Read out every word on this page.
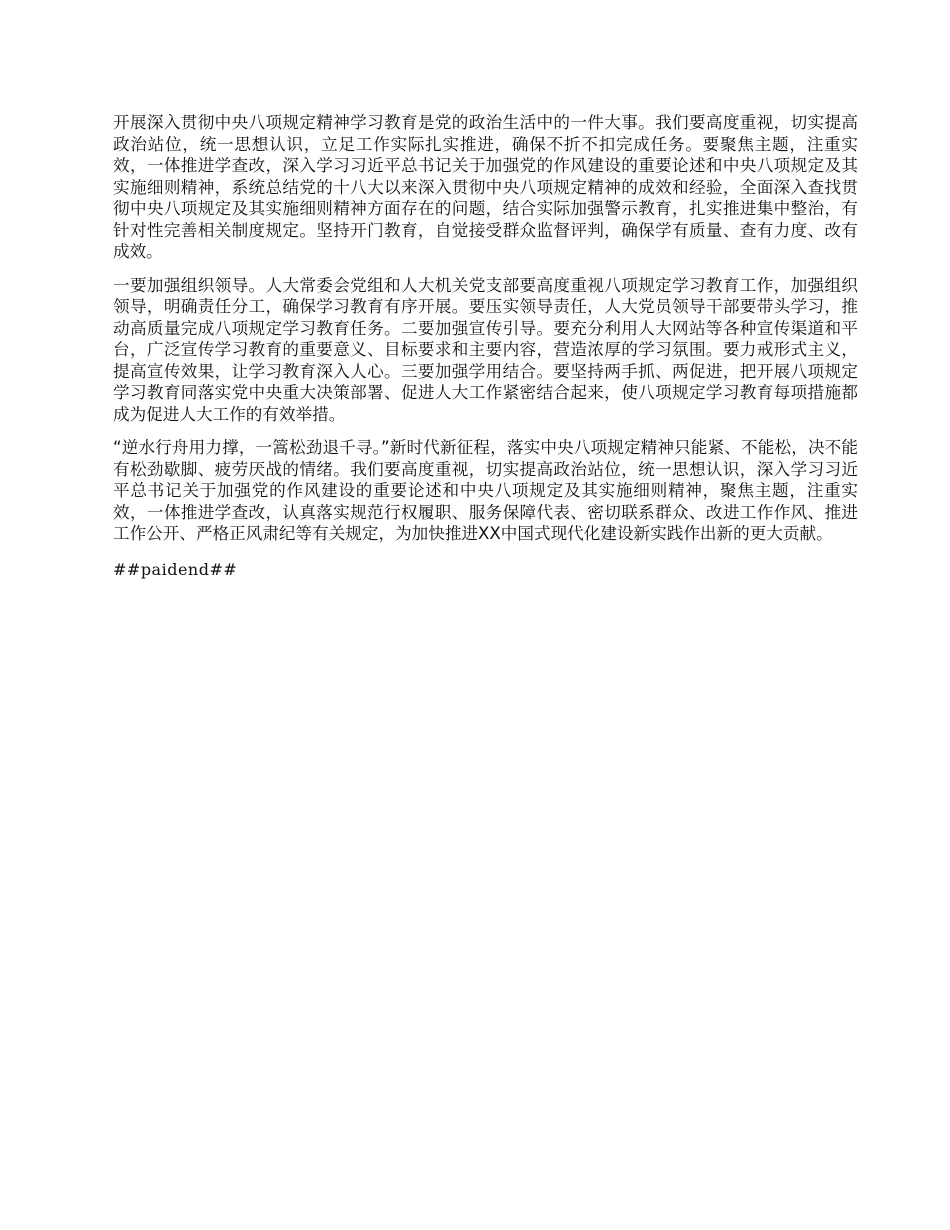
开展深入贯彻中央八项规定精神学习教育是党的政治生活中的一件大事。我们要高度重视，切实提高政治站位，统一思想认识，立足工作实际扎实推进，确保不折不扣完成任务。要聚焦主题，注重实效，一体推进学查改，深入学习习近平总书记关于加强党的作风建设的重要论述和中央八项规定及其实施细则精神，系统总结党的十八大以来深入贯彻中央八项规定精神的成效和经验，全面深入查找贯彻中央八项规定及其实施细则精神方面存在的问题，结合实际加强警示教育，扎实推进集中整治，有针对性完善相关制度规定。坚持开门教育，自觉接受群众监督评判，确保学有质量、查有力度、改有成效。

一要加强组织领导。人大常委会党组和人大机关党支部要高度重视八项规定学习教育工作，加强组织领导，明确责任分工，确保学习教育有序开展。要压实领导责任，人大党员领导干部要带头学习，推动高质量完成八项规定学习教育任务。二要加强宣传引导。要充分利用人大网站等各种宣传渠道和平台，广泛宣传学习教育的重要意义、目标要求和主要内容，营造浓厚的学习氛围。要力戒形式主义，提高宣传效果，让学习教育深入人心。三要加强学用结合。要坚持两手抓、两促进，把开展八项规定学习教育同落实党中央重大决策部署、促进人大工作紧密结合起来，使八项规定学习教育每项措施都成为促进人大工作的有效举措。

“逆水行舟用力撑，一篙松劲退千寻。”新时代新征程，落实中央八项规定精神只能紧、不能松，决不能有松劲歇脚、疲劳厌战的情绪。我们要高度重视，切实提高政治站位，统一思想认识，深入学习习近平总书记关于加强党的作风建设的重要论述和中央八项规定及其实施细则精神，聚焦主题，注重实效，一体推进学查改，认真落实规范行权履职、服务保障代表、密切联系群众、改进工作作风、推进工作公开、严格正风肃纪等有关规定，为加快推进XX中国式现代化建设新实践作出新的更大贡献。

##paidend##
